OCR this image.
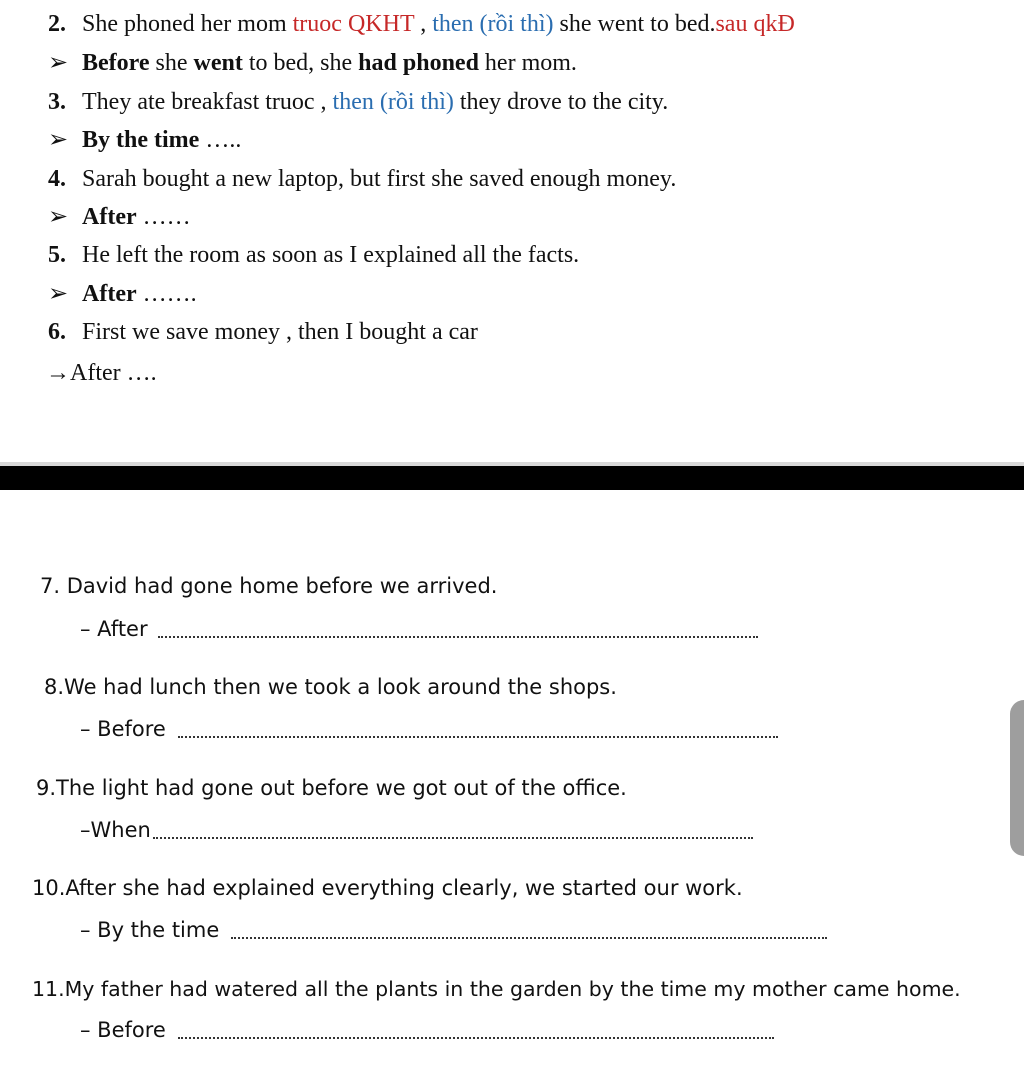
2. She phoned her mom truoc QKHT , then (rồi thì) she went to bed.sau qkĐ
➢ Before she went to bed, she had phoned her mom.
3. They ate breakfast truoc , then (rồi thì) they drove to the city.
➢ By the time …..
4. Sarah bought a new laptop, but first she saved enough money.
➢ After ……
5. He left the room as soon as I explained all the facts.
➢ After …….
6. First we save money , then I bought a car
→After ….
7. David had gone home before we arrived.
– After
8.We had lunch then we took a look around the shops.
– Before
9.The light had gone out before we got out of the office.
–When
10.After she had explained everything clearly, we started our work.
– By the time
11.My father had watered all the plants in the garden by the time my mother came home.
– Before
